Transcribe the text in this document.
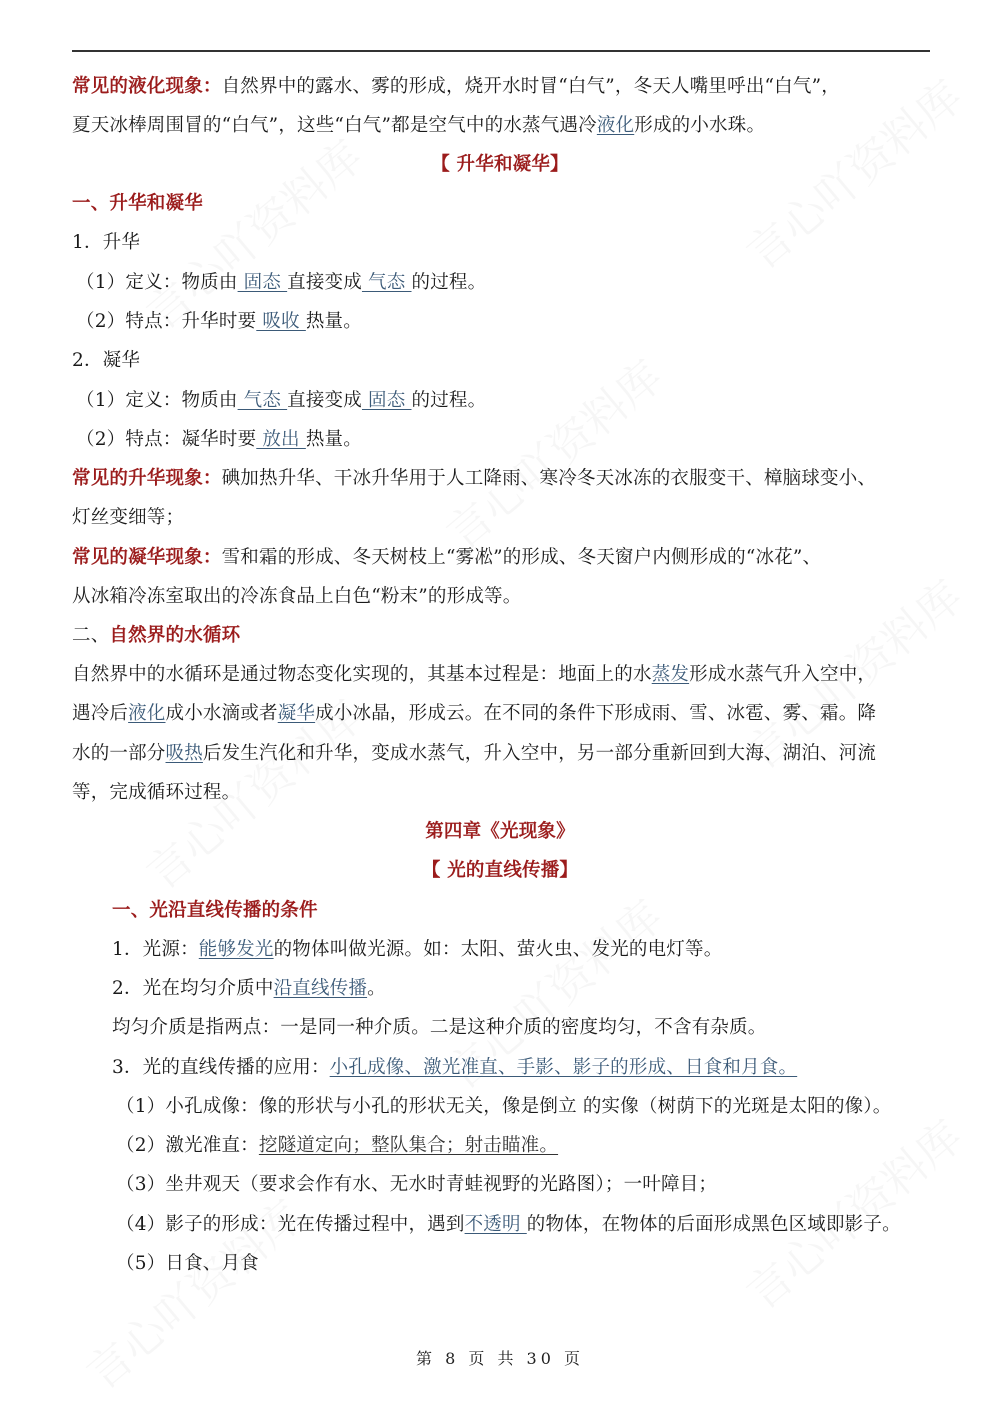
常见的液化现象：自然界中的露水、雾的形成，烧开水时冒“白气”，冬天人嘴里呼出“白气”，
夏天冰棒周围冒的“白气”，这些“白气”都是空气中的水蒸气遇冷液化形成的小水珠。
【 升华和凝华】
一、升华和凝华
1．升华
（1）定义：物质由 固态 直接变成 气态 的过程。
（2）特点：升华时要 吸收 热量。
2．凝华
（1）定义：物质由 气态 直接变成 固态 的过程。
（2）特点：凝华时要 放出 热量。
常见的升华现象：碘加热升华、干冰升华用于人工降雨、寒冷冬天冰冻的衣服变干、樟脑球变小、
灯丝变细等；
常见的凝华现象：雪和霜的形成、冬天树枝上“雾凇”的形成、冬天窗户内侧形成的“冰花”、
从冰箱冷冻室取出的冷冻食品上白色“粉末”的形成等。
二、自然界的水循环
自然界中的水循环是通过物态变化实现的，其基本过程是：地面上的水蒸发形成水蒸气升入空中，
遇冷后液化成小水滴或者凝华成小冰晶，形成云。在不同的条件下形成雨、雪、冰雹、雾、霜。降
水的一部分吸热后发生汽化和升华，变成水蒸气，升入空中，另一部分重新回到大海、湖泊、河流
等，完成循环过程。
第四章《光现象》
【 光的直线传播】
一、光沿直线传播的条件
1．光源：能够发光的物体叫做光源。如：太阳、萤火虫、发光的电灯等。
2．光在均匀介质中沿直线传播。
均匀介质是指两点：一是同一种介质。二是这种介质的密度均匀，不含有杂质。
3．光的直线传播的应用：小孔成像、激光准直、手影、影子的形成、日食和月食。
（1）小孔成像：像的形状与小孔的形状无关，像是倒立 的实像（树荫下的光斑是太阳的像）。
（2）激光准直：挖隧道定向；整队集合；射击瞄准。
（3）坐井观天（要求会作有水、无水时青蛙视野的光路图）；一叶障目；
（4）影子的形成：光在传播过程中，遇到不透明 的物体，在物体的后面形成黑色区域即影子。
（5）日食、月食
第 8 页 共 30 页
